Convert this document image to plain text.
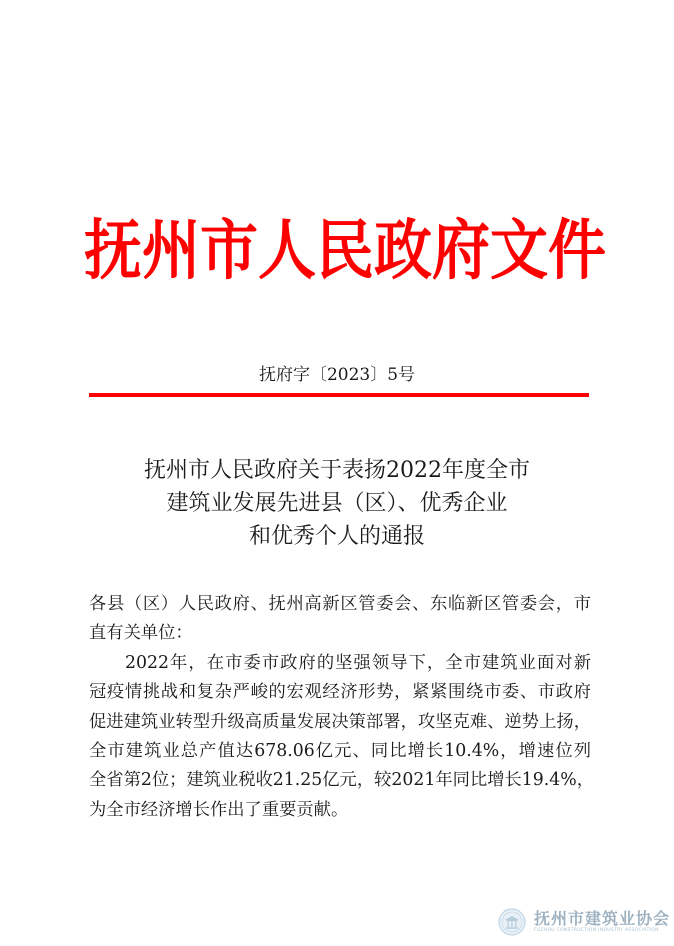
抚州市人民政府文件
抚府字〔2023〕5号
抚州市人民政府关于表扬2022年度全市
建筑业发展先进县（区）、优秀企业
和优秀个人的通报
各县（区）人民政府、抚州高新区管委会、东临新区管委会，市
直有关单位：
2022年，在市委市政府的坚强领导下，全市建筑业面对新
冠疫情挑战和复杂严峻的宏观经济形势，紧紧围绕市委、市政府
促进建筑业转型升级高质量发展决策部署，攻坚克难、逆势上扬，
全市建筑业总产值达678.06亿元、同比增长10.4%，增速位列
全省第2位；建筑业税收21.25亿元，较2021年同比增长19.4%，
为全市经济增长作出了重要贡献。
抚州市建筑业协会
FUZHOU CONSTRUCTION INDUSTRY ASSOCIATION
